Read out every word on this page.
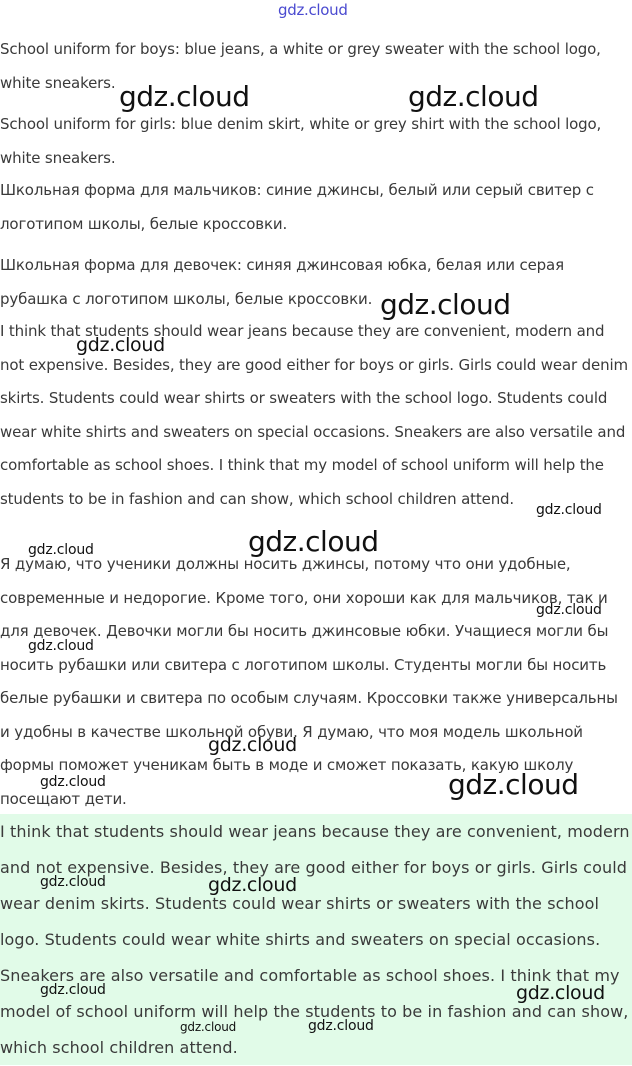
gdz.cloud

School uniform for boys: blue jeans, a white or grey sweater with the school logo, white sneakers.

School uniform for girls: blue denim skirt, white or grey shirt with the school logo, white sneakers.

Школьная форма для мальчиков: синие джинсы, белый или серый свитер с логотипом школы, белые кроссовки.

Школьная форма для девочек: синяя джинсовая юбка, белая или серая рубашка с логотипом школы, белые кроссовки.

I think that students should wear jeans because they are convenient, modern and not expensive. Besides, they are good either for boys or girls. Girls could wear denim skirts. Students could wear shirts or sweaters with the school logo. Students could wear white shirts and sweaters on special occasions. Sneakers are also versatile and comfortable as school shoes. I think that my model of school uniform will help the students to be in fashion and can show, which school children attend.

Я думаю, что ученики должны носить джинсы, потому что они удобные, современные и недорогие. Кроме того, они хороши как для мальчиков, так и для девочек. Девочки могли бы носить джинсовые юбки. Учащиеся могли бы носить рубашки или свитера с логотипом школы. Студенты могли бы носить белые рубашки и свитера по особым случаям. Кроссовки также универсальны и удобны в качестве школьной обуви. Я думаю, что моя модель школьной формы поможет ученикам быть в моде и сможет показать, какую школу посещают дети.

I think that students should wear jeans because they are convenient, modern and not expensive. Besides, they are good either for boys or girls. Girls could wear denim skirts. Students could wear shirts or sweaters with the school logo. Students could wear white shirts and sweaters on special occasions. Sneakers are also versatile and comfortable as school shoes. I think that my model of school uniform will help the students to be in fashion and can show, which school children attend.

gdz.cloud	gdz.cloud
gdz.cloud
gdz.cloud
gdz.cloud
gdz.cloud
gdz.cloud
gdz.cloud
gdz.cloud
gdz.cloud
gdz.cloud
gdz.cloud
gdz.cloud	gdz.cloud
gdz.cloud
gdz.cloud
gdz.cloud	gdz.cloud
